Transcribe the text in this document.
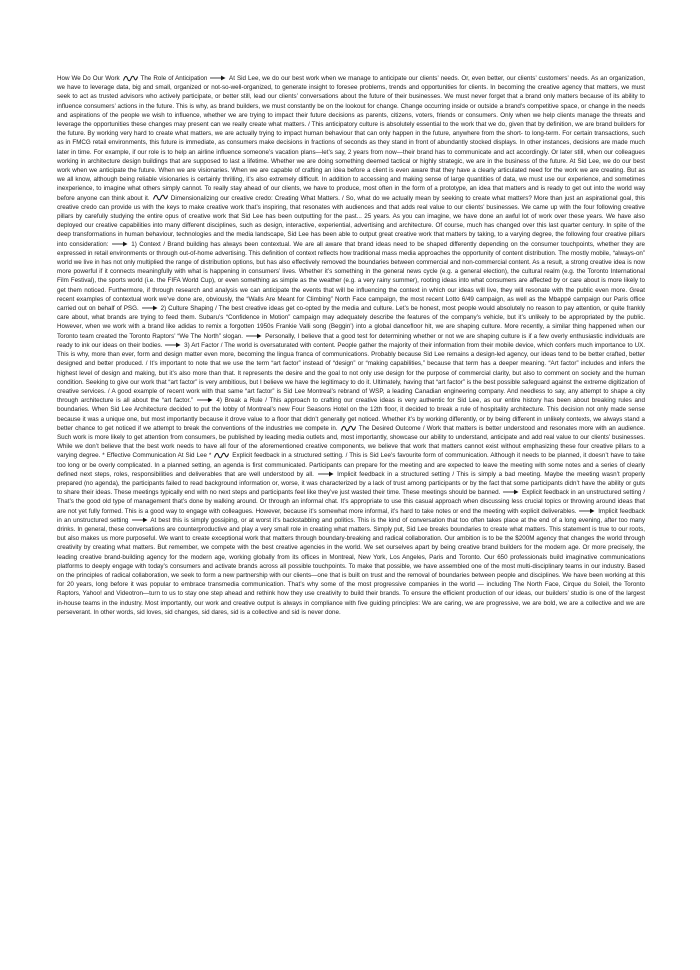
How We Do Our Work	The Role of Anticipation	At Sid Lee, we do our best work when we manage to anticipate our clients’ needs. Or, even better, our clients’ customers’ needs. As an organization, we have to leverage data, big and small, organized or not-so-well-organized, to generate insight to foresee problems, trends and opportunities for clients. In becoming the creative agency that matters, we must seek to act as trusted advisors who actively participate, or better still, lead our clients’ conversations about the future of their businesses. We must never forget that a brand only matters because of its ability to influence consumers’ actions in the future. This is why, as brand builders, we must constantly be on the lookout for change. Change occurring inside or outside a brand’s competitive space, or change in the needs and aspirations of the people we wish to influence, whether we are trying to impact their future decisions as parents, citizens, voters, friends or consumers. Only when we help clients manage the threats and leverage the opportunities these changes may present can we really create what matters. / This anticipatory culture is absolutely essential to the work that we do, given that by definition, we are brand builders for the future. By working very hard to create what matters, we are actually trying to impact human behaviour that can only happen in the future, anywhere from the short- to long-term. For certain transactions, such as in FMCG retail environments, this future is immediate, as consumers make decisions in fractions of seconds as they stand in front of abundantly stocked displays. In other instances, decisions are made much later in time. For example, if our role is to help an airline influence someone’s vacation plans—let’s say, 2 years from now—their brand has to communicate and act accordingly. Or later still, when our colleagues working in architecture design buildings that are supposed to last a lifetime. Whether we are doing something deemed tactical or highly strategic, we are in the business of the future. At Sid Lee, we do our best work when we anticipate the future. When we are visionaries. When we are capable of crafting an idea before a client is even aware that they have a clearly articulated need for the work we are creating. But as we all know, although being reliable visionaries is certainly thrilling, it’s also extremely difficult. In addition to accessing and making sense of large quantities of data, we must use our experience, and sometimes inexperience, to imagine what others simply cannot. To really stay ahead of our clients, we have to produce, most often in the form of a prototype, an idea that matters and is ready to get out into the world way before anyone can think about it.	Dimensionalizing our creative credo: Creating What Matters. / So, what do we actually mean by seeking to create what matters? More than just an aspirational goal, this creative credo can provide us with the keys to make creative work that’s inspiring, that resonates with audiences and that adds real value to our clients’ businesses. We came up with the four following creative pillars by carefully studying the entire opus of creative work that Sid Lee has been outputting for the past... 25 years. As you can imagine, we have done an awful lot of work over these years. We have also deployed our creative capabilities into many different disciplines, such as design, interactive, experiential, advertising and architecture. Of course, much has changed over this last quarter century. In spite of the deep transformations in human behaviour, technologies and the media landscape, Sid Lee has been able to output great creative work that matters by taking, to a varying degree, the following four creative pillars into consideration:	1) Context / Brand building has always been contextual. We are all aware that brand ideas need to be shaped differently depending on the consumer touchpoints, whether they are expressed in retail environments or through out-of-home advertising. This definition of context reflects how traditional mass media approaches the opportunity of content distribution. The mostly mobile, “always-on” world we live in has not only multiplied the range of distribution options, but has also effectively removed the boundaries between commercial and non-commercial content. As a result, a strong creative idea is now more powerful if it connects meaningfully with what is happening in consumers’ lives. Whether it’s something in the general news cycle (e.g. a general election), the cultural realm (e.g. the Toronto International Film Festival), the sports world (i.e. the FIFA World Cup), or even something as simple as the weather (e.g. a very rainy summer), rooting ideas into what consumers are affected by or care about is more likely to get them noticed. Furthermore, if through research and analysis we can anticipate the events that will be influencing the context in which our ideas will live, they will resonate with the public even more. Great recent examples of contextual work we’ve done are, obviously, the “Walls Are Meant for Climbing” North Face campaign, the most recent Lotto 6/49 campaign, as well as the Mbappé campaign our Paris office carried out on behalf of PSG.	2) Culture Shaping / The best creative ideas get co-opted by the media and culture. Let’s be honest, most people would absolutely no reason to pay attention, or quite frankly care about, what brands are trying to feed them. Subaru’s “Confidence in Motion” campaign may adequately describe the features of the company’s vehicle, but it’s unlikely to be appropriated by the public. However, when we work with a brand like adidas to remix a forgotten 1950s Frankie Valli song (Beggin’) into a global dancefloor hit, we are shaping culture. More recently, a similar thing happened when our Toronto team created the Toronto Raptors’ “We The North” slogan.	Personally, I believe that a good test for determining whether or not we are shaping culture is if a few overly enthusiastic individuals are ready to ink our ideas on their bodies.	3) Art Factor / The world is oversaturated with content. People gather the majority of their information from their mobile device, which confers much importance to UX. This is why, more than ever, form and design matter even more, becoming the lingua franca of communications. Probably because Sid Lee remains a design-led agency, our ideas tend to be better crafted, better designed and better produced. / It’s important to note that we use the term “art factor” instead of “design” or “making capabilities,” because that term has a deeper meaning. “Art factor” includes and infers the highest level of design and making, but it’s also more than that. It represents the desire and the goal to not only use design for the purpose of commercial clarity, but also to comment on society and the human condition. Seeking to give our work that “art factor” is very ambitious, but I believe we have the legitimacy to do it. Ultimately, having that “art factor” is the best possible safeguard against the extreme digitization of creative services. / A good example of recent work with that same “art factor” is Sid Lee Montreal’s rebrand of WSP, a leading Canadian engineering company. And needless to say, any attempt to shape a city through architecture is all about the “art factor.”	4) Break a Rule / This approach to crafting our creative ideas is very authentic for Sid Lee, as our entire history has been about breaking rules and boundaries. When Sid Lee Architecture decided to put the lobby of Montreal’s new Four Seasons Hotel on the 12th floor, it decided to break a rule of hospitality architecture. This decision not only made sense because it was a unique one, but most importantly because it drove value to a floor that didn’t generally get noticed. Whether it’s by working differently, or by being different in unlikely contexts, we always stand a better chance to get noticed if we attempt to break the conventions of the industries we compete in.	The Desired Outcome / Work that matters is better understood and resonates more with an audience. Such work is more likely to get attention from consumers, be published by leading media outlets and, most importantly, showcase our ability to understand, anticipate and add real value to our clients’ businesses. While we don’t believe that the best work needs to have all four of the aforementioned creative components, we believe that work that matters cannot exist without emphasizing these four creative pillars to a varying degree. * Effective Communication At Sid Lee *	Explicit feedback in a structured setting. / This is Sid Lee’s favourite form of communication. Although it needs to be planned, it doesn’t have to take too long or be overly complicated. In a planned setting, an agenda is first communicated. Participants can prepare for the meeting and are expected to leave the meeting with some notes and a series of clearly defined next steps, roles, responsibilities and deliverables that are well understood by all.	Implicit feedback in a structured setting / This is simply a bad meeting. Maybe the meeting wasn’t properly prepared (no agenda), the participants failed to read background information or, worse, it was characterized by a lack of trust among participants or by the fact that some participants didn’t have the ability or guts to share their ideas. These meetings typically end with no next steps and participants feel like they’ve just wasted their time. These meetings should be banned.	Explicit feedback in an unstructured setting / That’s the good old type of management that’s done by walking around. Or through an informal chat. It’s appropriate to use this casual approach when discussing less crucial topics or throwing around ideas that are not yet fully formed. This is a good way to engage with colleagues. However, because it’s somewhat more informal, it’s hard to take notes or end the meeting with explicit deliverables.	Implicit feedback in an unstructured setting	At best this is simply gossiping, or at worst it’s backstabbing and politics. This is the kind of conversation that too often takes place at the end of a long evening, after too many drinks. In general, these conversations are counterproductive and play a very small role in creating what matters. Simply put, Sid Lee breaks boundaries to create what matters. This statement is true to our roots, but also makes us more purposeful. We want to create exceptional work that matters through boundary-breaking and radical collaboration. Our ambition is to be the $200M agency that changes the world through creativity by creating what matters. But remember, we compete with the best creative agencies in the world. We set ourselves apart by being creative brand builders for the modern age. Or more precisely, the leading creative brand-building agency for the modern age, working globally from its offices in Montreal, New York, Los Angeles, Paris and Toronto. Our 650 professionals build imaginative communications platforms to deeply engage with today’s consumers and activate brands across all possible touchpoints. To make that possible, we have assembled one of the most multi-disciplinary teams in our industry. Based on the principles of radical collaboration, we seek to form a new partnership with our clients—one that is built on trust and the removal of boundaries between people and disciplines. We have been working at this for 20 years, long before it was popular to embrace transmedia communication. That’s why some of the most progressive companies in the world — including The North Face, Cirque du Soleil, the Toronto Raptors, Yahoo! and Videotron—turn to us to stay one step ahead and rethink how they use creativity to build their brands. To ensure the efficient production of our ideas, our builders’ studio is one of the largest in-house teams in the industry. Most importantly, our work and creative output is always in compliance with five guiding principles: We are caring, we are progressive, we are bold, we are a collective and we are perseverant. In other words, sid loves, sid changes, sid dares, sid is a collective and sid is never done.
